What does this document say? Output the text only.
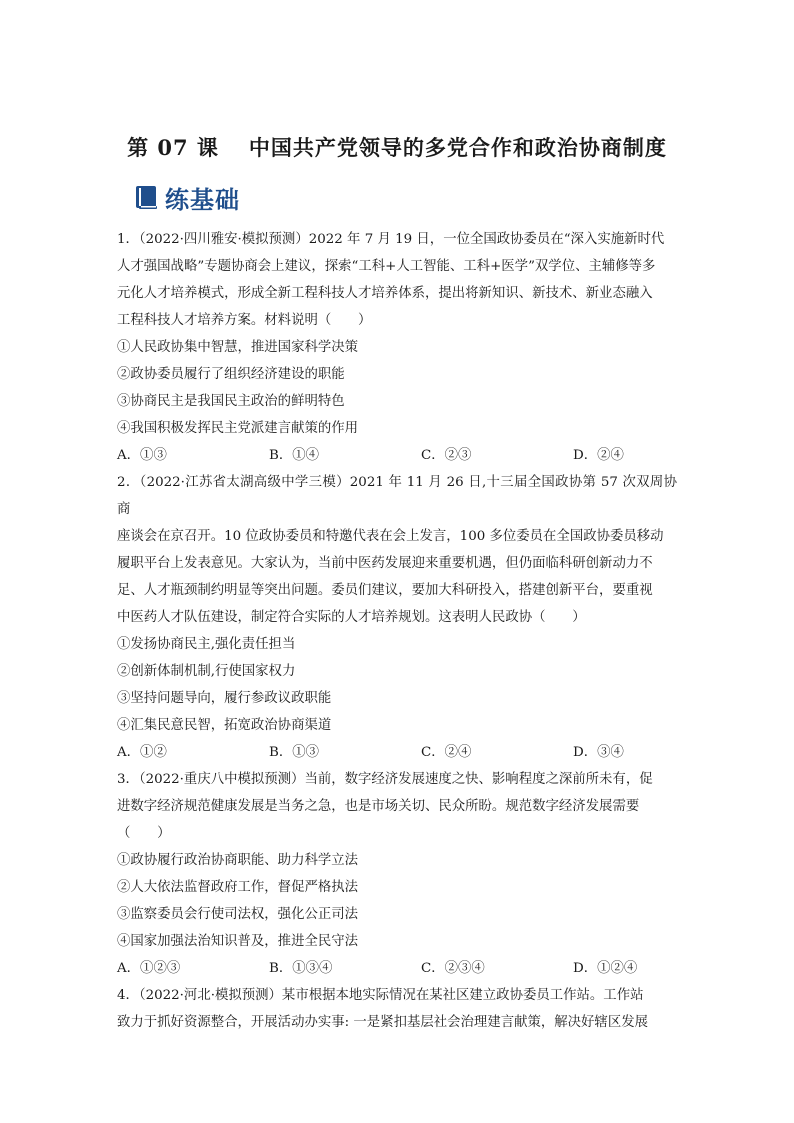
第 07 课 中国共产党领导的多党合作和政治协商制度
练基础

1．（2022·四川雅安·模拟预测）2022 年 7 月 19 日，一位全国政协委员在“深入实施新时代

人才强国战略”专题协商会上建议，探索“工科+人工智能、工科+医学”双学位、主辅修等多

元化人才培养模式，形成全新工程科技人才培养体系，提出将新知识、新技术、新业态融入

工程科技人才培养方案。材料说明（　　）

①人民政协集中智慧，推进国家科学决策

②政协委员履行了组织经济建设的职能

③协商民主是我国民主政治的鲜明特色

④我国积极发挥民主党派建言献策的作用

A．①③	B．①④	C．②③	D．②④

2．（2022·江苏省太湖高级中学三模）2021 年 11 月 26 日,十三届全国政协第 57 次双周协商

座谈会在京召开。10 位政协委员和特邀代表在会上发言，100 多位委员在全国政协委员移动

履职平台上发表意见。大家认为，当前中医药发展迎来重要机遇，但仍面临科研创新动力不

足、人才瓶颈制约明显等突出问题。委员们建议，要加大科研投入，搭建创新平台，要重视

中医药人才队伍建设，制定符合实际的人才培养规划。这表明人民政协（　　）

①发扬协商民主,强化责任担当

②创新体制机制,行使国家权力

③坚持问题导向，履行参政议政职能

④汇集民意民智，拓宽政治协商渠道

A．①②	B．①③	C．②④	D．③④

3．（2022·重庆八中模拟预测）当前，数字经济发展速度之快、影响程度之深前所未有，促

进数字经济规范健康发展是当务之急，也是市场关切、民众所盼。规范数字经济发展需要

（　　）

①政协履行政治协商职能、助力科学立法

②人大依法监督政府工作，督促严格执法

③监察委员会行使司法权，强化公正司法

④国家加强法治知识普及，推进全民守法

A．①②③	B．①③④	C．②③④	D．①②④

4．（2022·河北·模拟预测）某市根据本地实际情况在某社区建立政协委员工作站。工作站

致力于抓好资源整合，开展活动办实事: 一是紧扣基层社会治理建言献策，解决好辖区发展
